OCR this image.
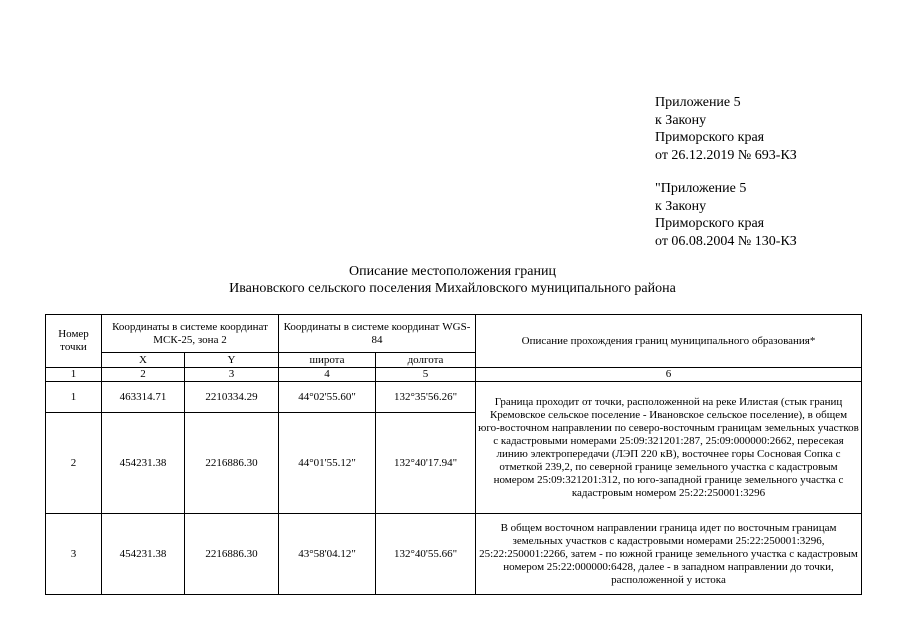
Приложение 5
к Закону
Приморского края
от 26.12.2019 № 693-КЗ
"Приложение 5
к Закону
Приморского края
от 06.08.2004 № 130-КЗ
Описание местоположения границ
Ивановского сельского поселения Михайловского муниципального района
Номер точки	Координаты в системе координат МСК-25, зона 2		Координаты в системе координат WGS-84		Описание прохождения границ муниципального образования*
	X	Y	широта	долгота	
1	2	3	4	5	6
1	463314.71	2210334.29	44°02'55.60"	132°35'56.26"	Граница проходит от точки, расположенной на реке Илистая (стык границ Кремовское сельское поселение - Ивановское сельское поселение), в общем юго-восточном направлении по северо-восточным границам земельных участков с кадастровыми номерами 25:09:321201:287, 25:09:000000:2662, пересекая линию электропередачи (ЛЭП 220 кВ), восточнее горы Сосновая Сопка с отметкой 239,2, по северной границе земельного участка с кадастровым номером 25:09:321201:312, по юго-западной границе земельного участка с кадастровым номером 25:22:250001:3296
2	454231.38	2216886.30	44°01'55.12"	132°40'17.94"	
3	454231.38	2216886.30	43°58'04.12"	132°40'55.66"	В общем восточном направлении граница идет по восточным границам земельных участков с кадастровыми номерами 25:22:250001:3296, 25:22:250001:2266, затем - по южной границе земельного участка с кадастровым номером 25:22:000000:6428, далее - в западном направлении до точки, расположенной у истока
